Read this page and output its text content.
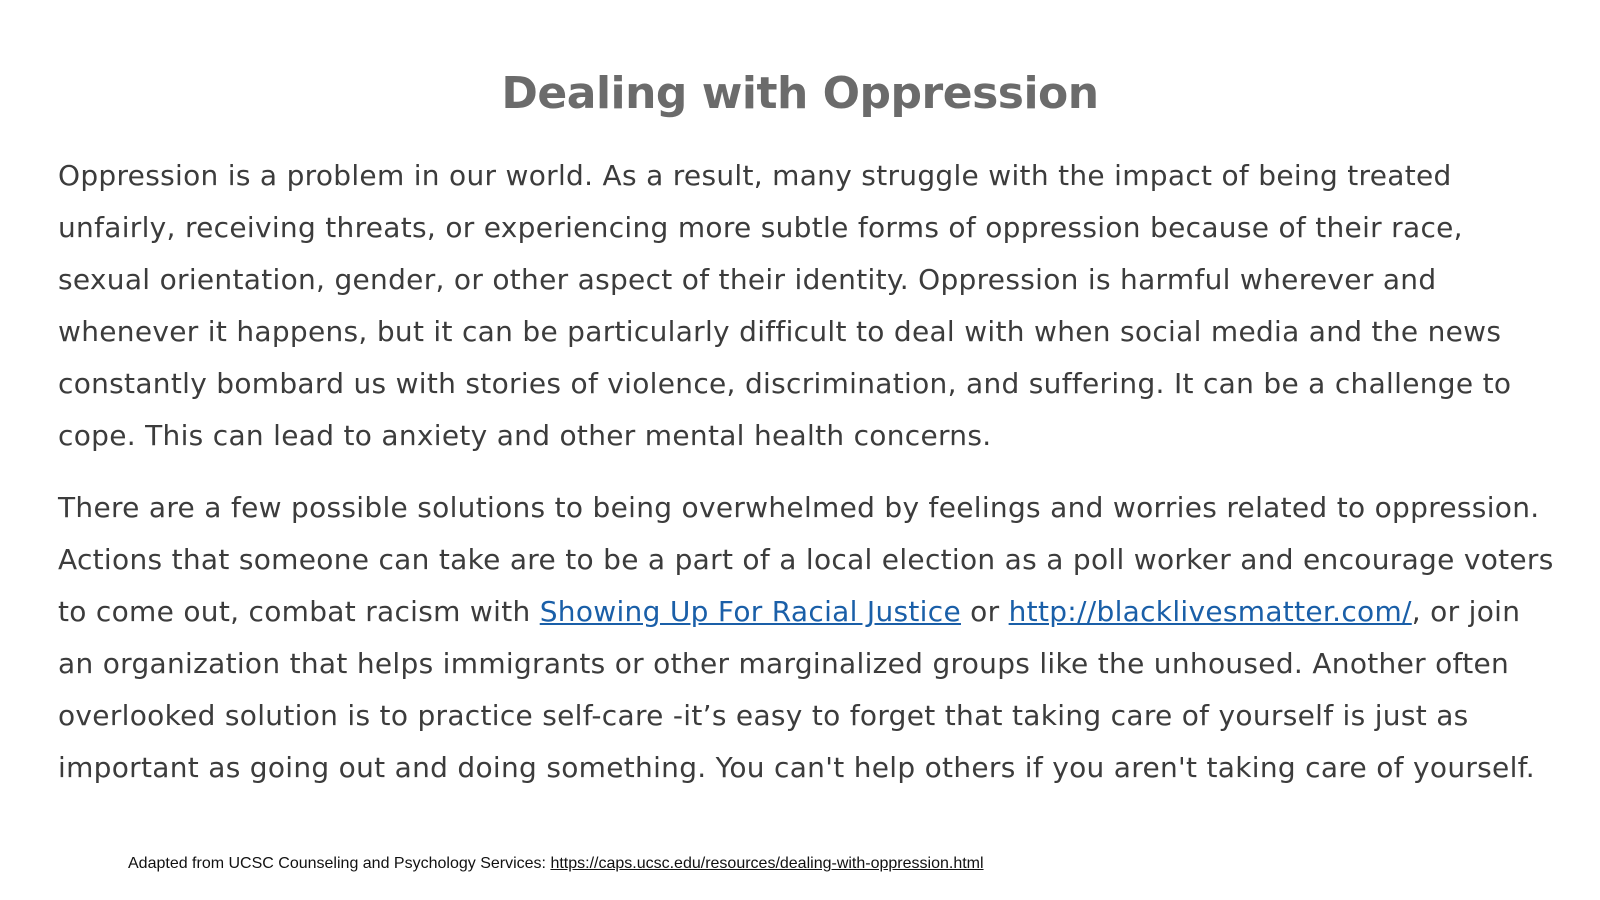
Dealing with Oppression

Oppression is a problem in our world. As a result, many struggle with the impact of being treated unfairly, receiving threats, or experiencing more subtle forms of oppression because of their race, sexual orientation, gender, or other aspect of their identity. Oppression is harmful wherever and whenever it happens, but it can be particularly difficult to deal with when social media and the news constantly bombard us with stories of violence, discrimination, and suffering. It can be a challenge to cope. This can lead to anxiety and other mental health concerns.

There are a few possible solutions to being overwhelmed by feelings and worries related to oppression. Actions that someone can take are to be a part of a local election as a poll worker and encourage voters to come out, combat racism with Showing Up For Racial Justice or http://blacklivesmatter.com/, or join an organization that helps immigrants or other marginalized groups like the unhoused. Another often overlooked solution is to practice self-care -it’s easy to forget that taking care of yourself is just as important as going out and doing something. You can't help others if you aren't taking care of yourself.

Adapted from UCSC Counseling and Psychology Services: https://caps.ucsc.edu/resources/dealing-with-oppression.html
